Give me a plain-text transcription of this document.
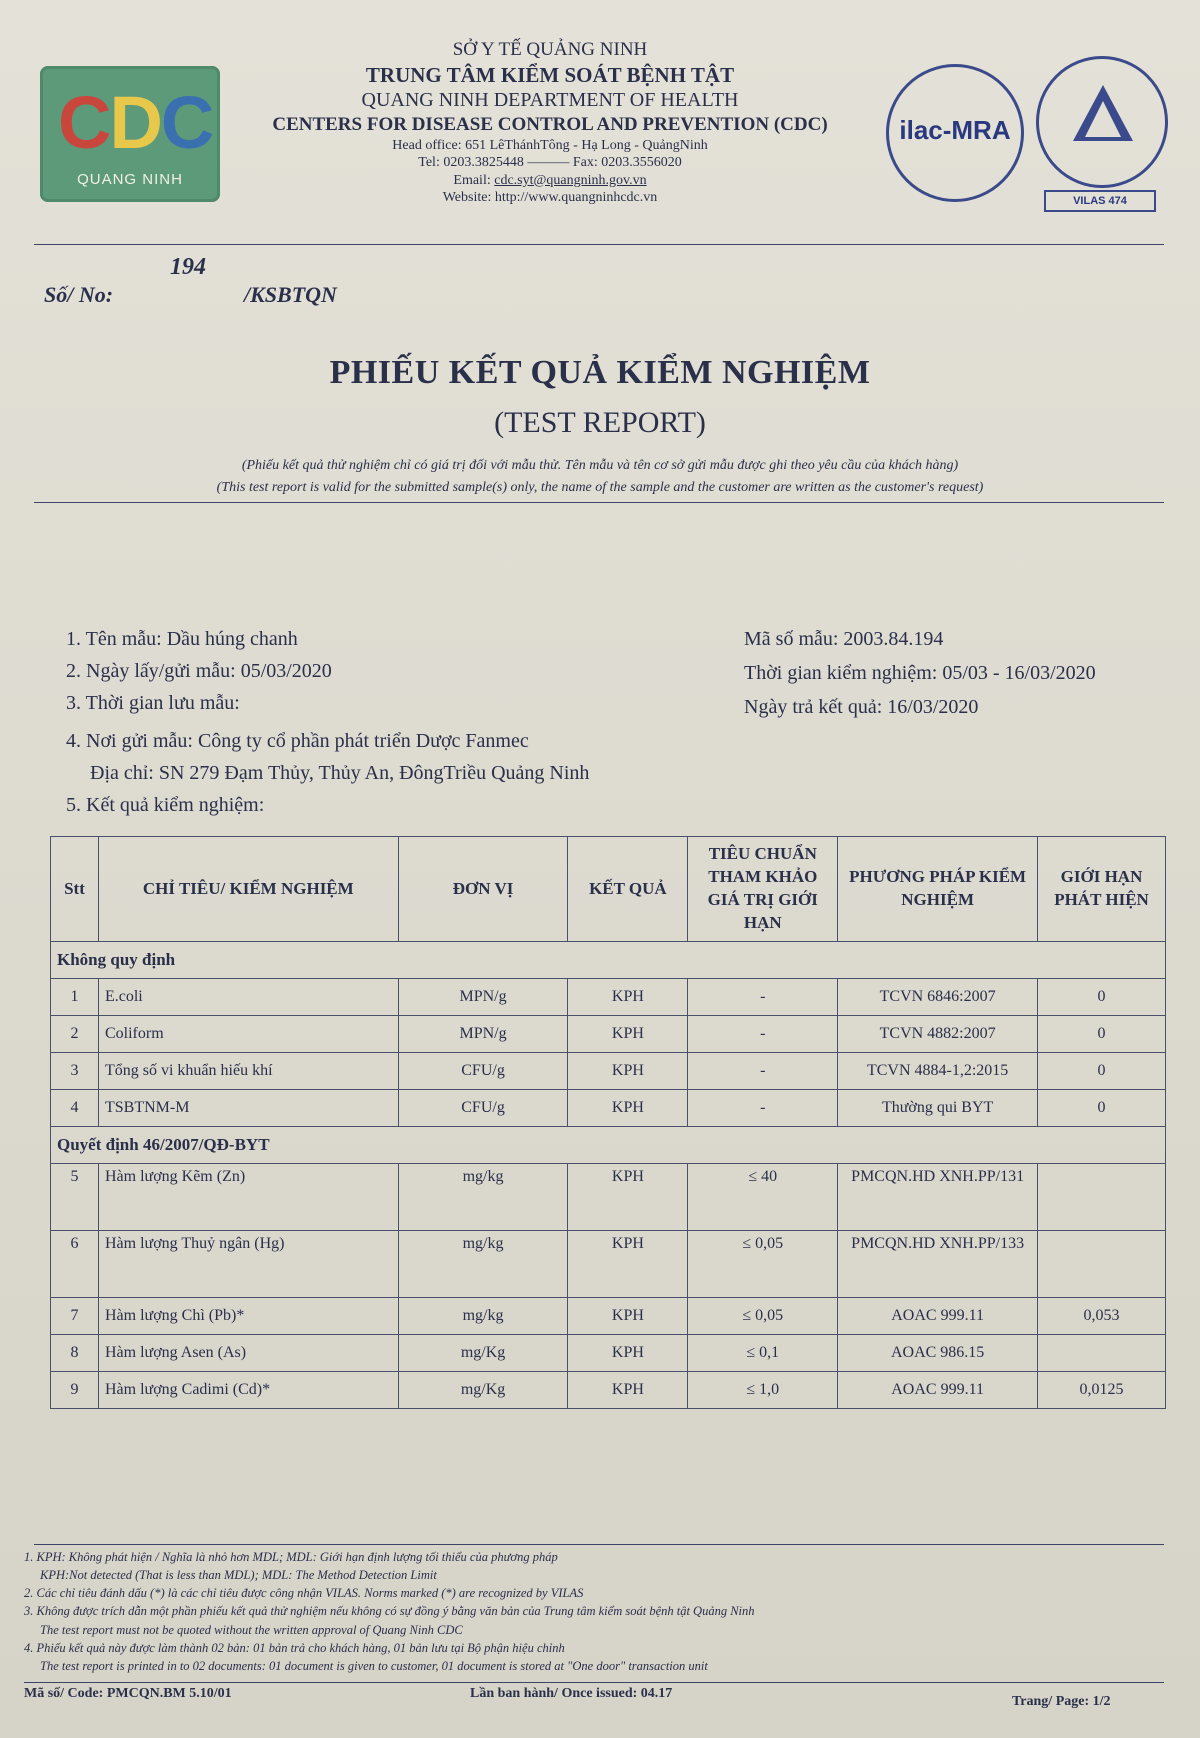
CDC
QUANG NINH
SỞ Y TẾ QUẢNG NINH
TRUNG TÂM KIỂM SOÁT BỆNH TẬT
QUANG NINH DEPARTMENT OF HEALTH
CENTERS FOR DISEASE CONTROL AND PREVENTION (CDC)
Head office: 651 LêThánhTông - Hạ Long - QuảngNinh
Tel: 0203.3825448 ——— Fax: 0203.3556020
Email: cdc.syt@quangninh.gov.vn
Website: http://www.quangninhcdc.vn
ilac-MRA
VILAS 474
194
Số/ No:	/KSBTQN
PHIẾU KẾT QUẢ KIỂM NGHIỆM
(TEST REPORT)
(Phiếu kết quả thử nghiệm chỉ có giá trị đối với mẫu thử. Tên mẫu và tên cơ sở gửi mẫu được ghi theo yêu cầu của khách hàng)
(This test report is valid for the submitted sample(s) only, the name of the sample and the customer are written as the customer's request)
1. Tên mẫu: Dầu húng chanh
2. Ngày lấy/gửi mẫu: 05/03/2020
3. Thời gian lưu mẫu:
4. Nơi gửi mẫu: Công ty cổ phần phát triển Dược Fanmec
Địa chỉ: SN 279 Đạm Thủy, Thủy An, ĐôngTriều Quảng Ninh
5. Kết quả kiểm nghiệm:
Mã số mẫu: 2003.84.194
Thời gian kiểm nghiệm: 05/03 - 16/03/2020
Ngày trả kết quả: 16/03/2020
Stt	CHỈ TIÊU/ KIỂM NGHIỆM	ĐƠN VỊ	KẾT QUẢ	TIÊU CHUẨN THAM KHẢO GIÁ TRỊ GIỚI HẠN	PHƯƠNG PHÁP KIỂM NGHIỆM	GIỚI HẠN PHÁT HIỆN
Không quy định						
1	E.coli	MPN/g	KPH	-	TCVN 6846:2007	0
2	Coliform	MPN/g	KPH	-	TCVN 4882:2007	0
3	Tổng số vi khuẩn hiếu khí	CFU/g	KPH	-	TCVN 4884-1,2:2015	0
4	TSBTNM-M	CFU/g	KPH	-	Thường qui BYT	0
Quyết định 46/2007/QĐ-BYT						
5	Hàm lượng Kẽm (Zn)	mg/kg	KPH	≤ 40	PMCQN.HD XNH.PP/131	
6	Hàm lượng Thuỷ ngân (Hg)	mg/kg	KPH	≤ 0,05	PMCQN.HD XNH.PP/133	
7	Hàm lượng Chì (Pb)*	mg/kg	KPH	≤ 0,05	AOAC 999.11	0,053
8	Hàm lượng Asen (As)	mg/Kg	KPH	≤ 0,1	AOAC 986.15	
9	Hàm lượng Cadimi (Cd)*	mg/Kg	KPH	≤ 1,0	AOAC 999.11	0,0125
1. KPH: Không phát hiện / Nghĩa là nhỏ hơn MDL; MDL: Giới hạn định lượng tối thiểu của phương pháp
KPH:Not detected (That is less than MDL); MDL: The Method Detection Limit
2. Các chỉ tiêu đánh dấu (*) là các chỉ tiêu được công nhận VILAS. Norms marked (*) are recognized by VILAS
3. Không được trích dẫn một phần phiếu kết quả thử nghiệm nếu không có sự đồng ý bằng văn bản của Trung tâm kiểm soát bệnh tật Quảng Ninh
The test report must not be quoted without the written approval of Quang Ninh CDC
4. Phiếu kết quả này được làm thành 02 bản: 01 bản trả cho khách hàng, 01 bản lưu tại Bộ phận hiệu chỉnh
The test report is printed in to 02 documents: 01 document is given to customer, 01 document is stored at "One door" transaction unit
Mã số/ Code: PMCQN.BM 5.10/01	Lần ban hành/ Once issued: 04.17
Trang/ Page: 1/2
